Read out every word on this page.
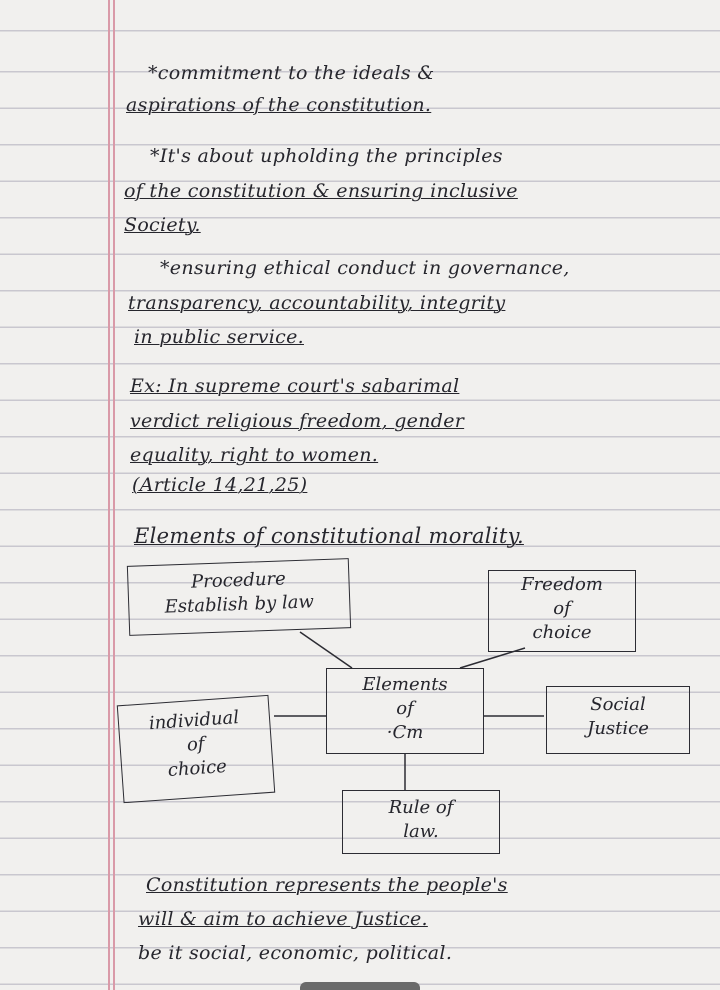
*commitment to the ideals &
aspirations of the constitution.
*It's about upholding the principles
of the constitution & ensuring inclusive
Society.
*ensuring ethical conduct in governance,
transparency, accountability, integrity
in public service.
Ex: In supreme court's sabarimal
verdict religious freedom, gender
equality, right to women.
(Article 14,21,25)
Elements of constitutional morality.
Procedure
Establish by law
Freedom
of
choice
Elements
of
·Cm
individual
of
choice
Social
Justice
Rule of
law.
Constitution represents the people's
will & aim to achieve Justice.
be it social, economic, political.
